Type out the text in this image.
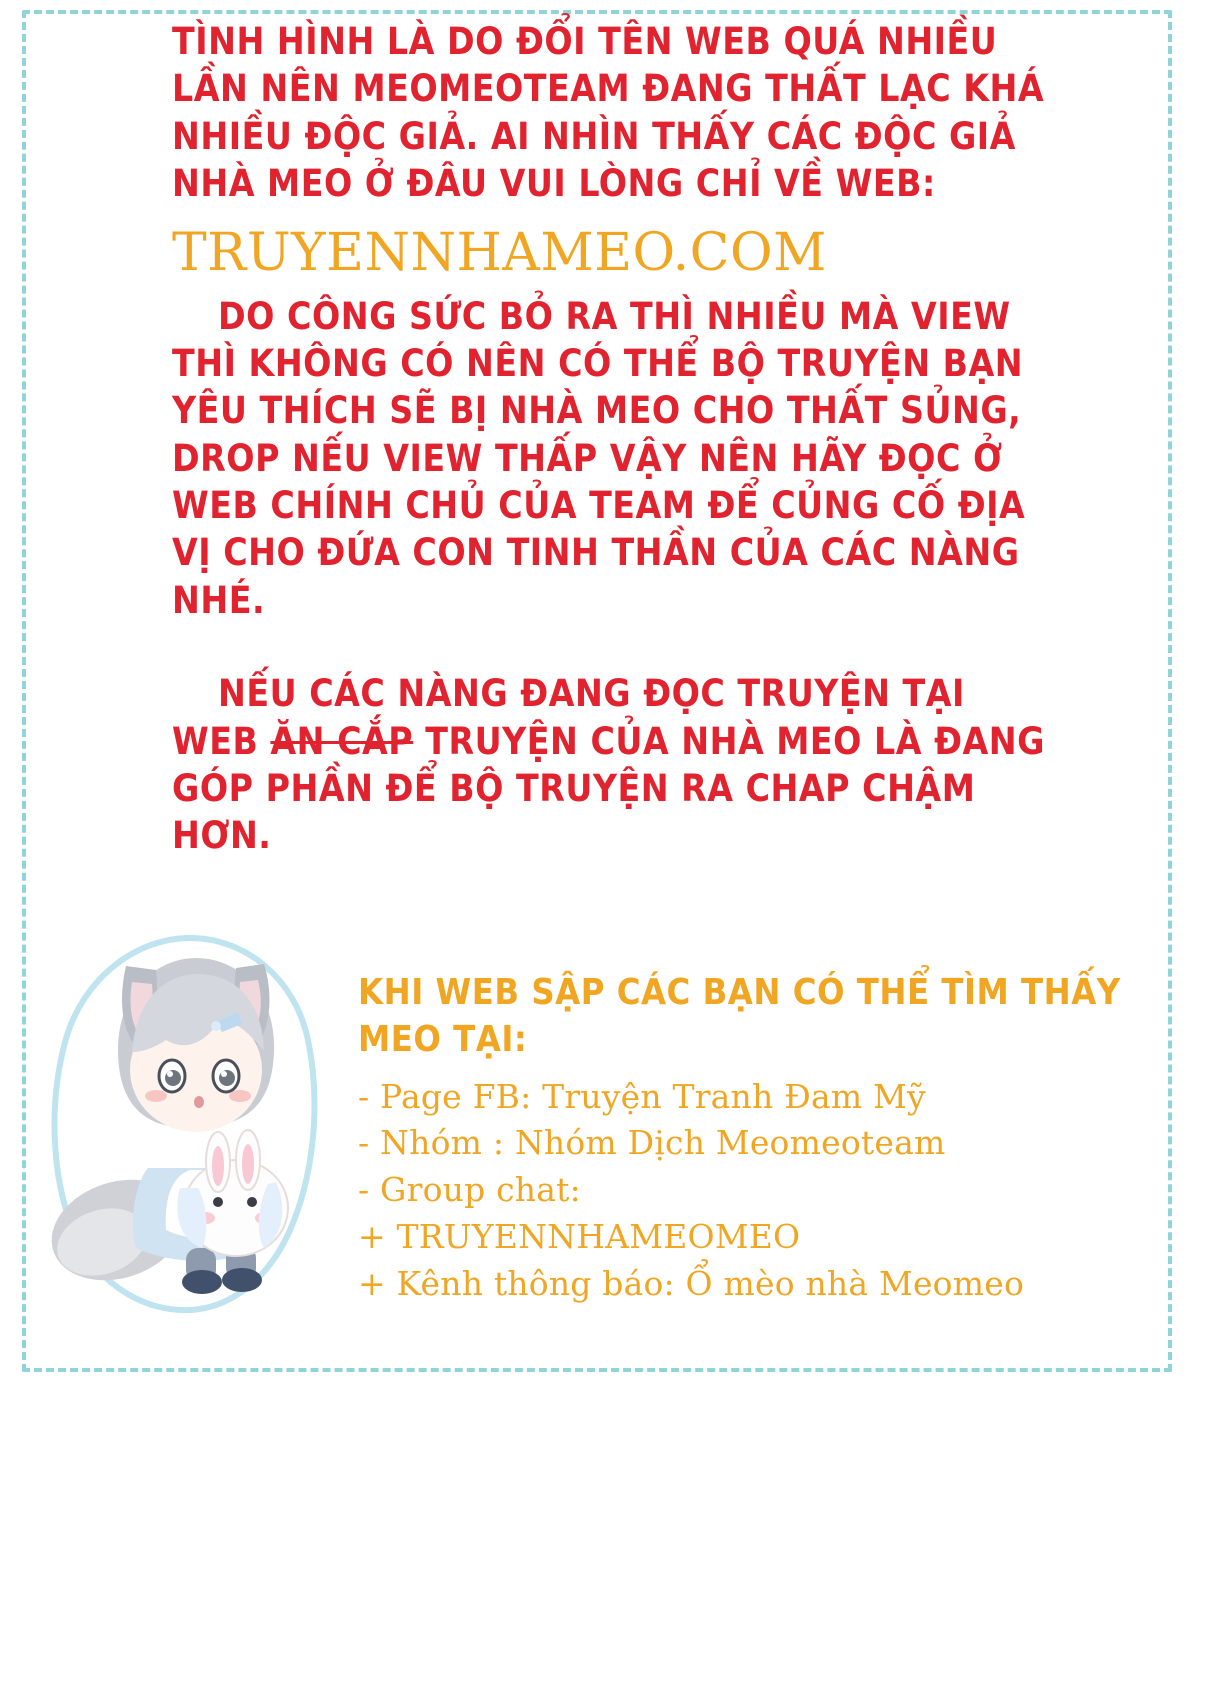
TÌNH HÌNH LÀ DO ĐỔI TÊN WEB QUÁ NHIỀU LẦN NÊN MEOMEOTEAM ĐANG THẤT LẠC KHÁ NHIỀU ĐỘC GIẢ. AI NHÌN THẤY CÁC ĐỘC GIẢ NHÀ MEO Ở ĐÂU VUI LÒNG CHỈ VỀ WEB:

TRUYENNHAMEO.COM

DO CÔNG SỨC BỎ RA THÌ NHIỀU MÀ VIEW THÌ KHÔNG CÓ NÊN CÓ THỂ BỘ TRUYỆN BẠN YÊU THÍCH SẼ BỊ NHÀ MEO CHO THẤT SỦNG, DROP NẾU VIEW THẤP VẬY NÊN HÃY ĐỌC Ở WEB CHÍNH CHỦ CỦA TEAM ĐỂ CỦNG CỐ ĐỊA VỊ CHO ĐỨA CON TINH THẦN CỦA CÁC NÀNG NHÉ.

NẾU CÁC NÀNG ĐANG ĐỌC TRUYỆN TẠI WEB ĂN CẮP TRUYỆN CỦA NHÀ MEO LÀ ĐANG GÓP PHẦN ĐỂ BỘ TRUYỆN RA CHAP CHẬM HƠN.

KHI WEB SẬP CÁC BẠN CÓ THỂ TÌM THẤY MEO TẠI:

- Page FB: Truyện Tranh Đam Mỹ

- Nhóm : Nhóm Dịch Meomeoteam

- Group chat:

+ TRUYENNHAMEOMEO

+ Kênh thông báo: Ổ mèo nhà Meomeo
